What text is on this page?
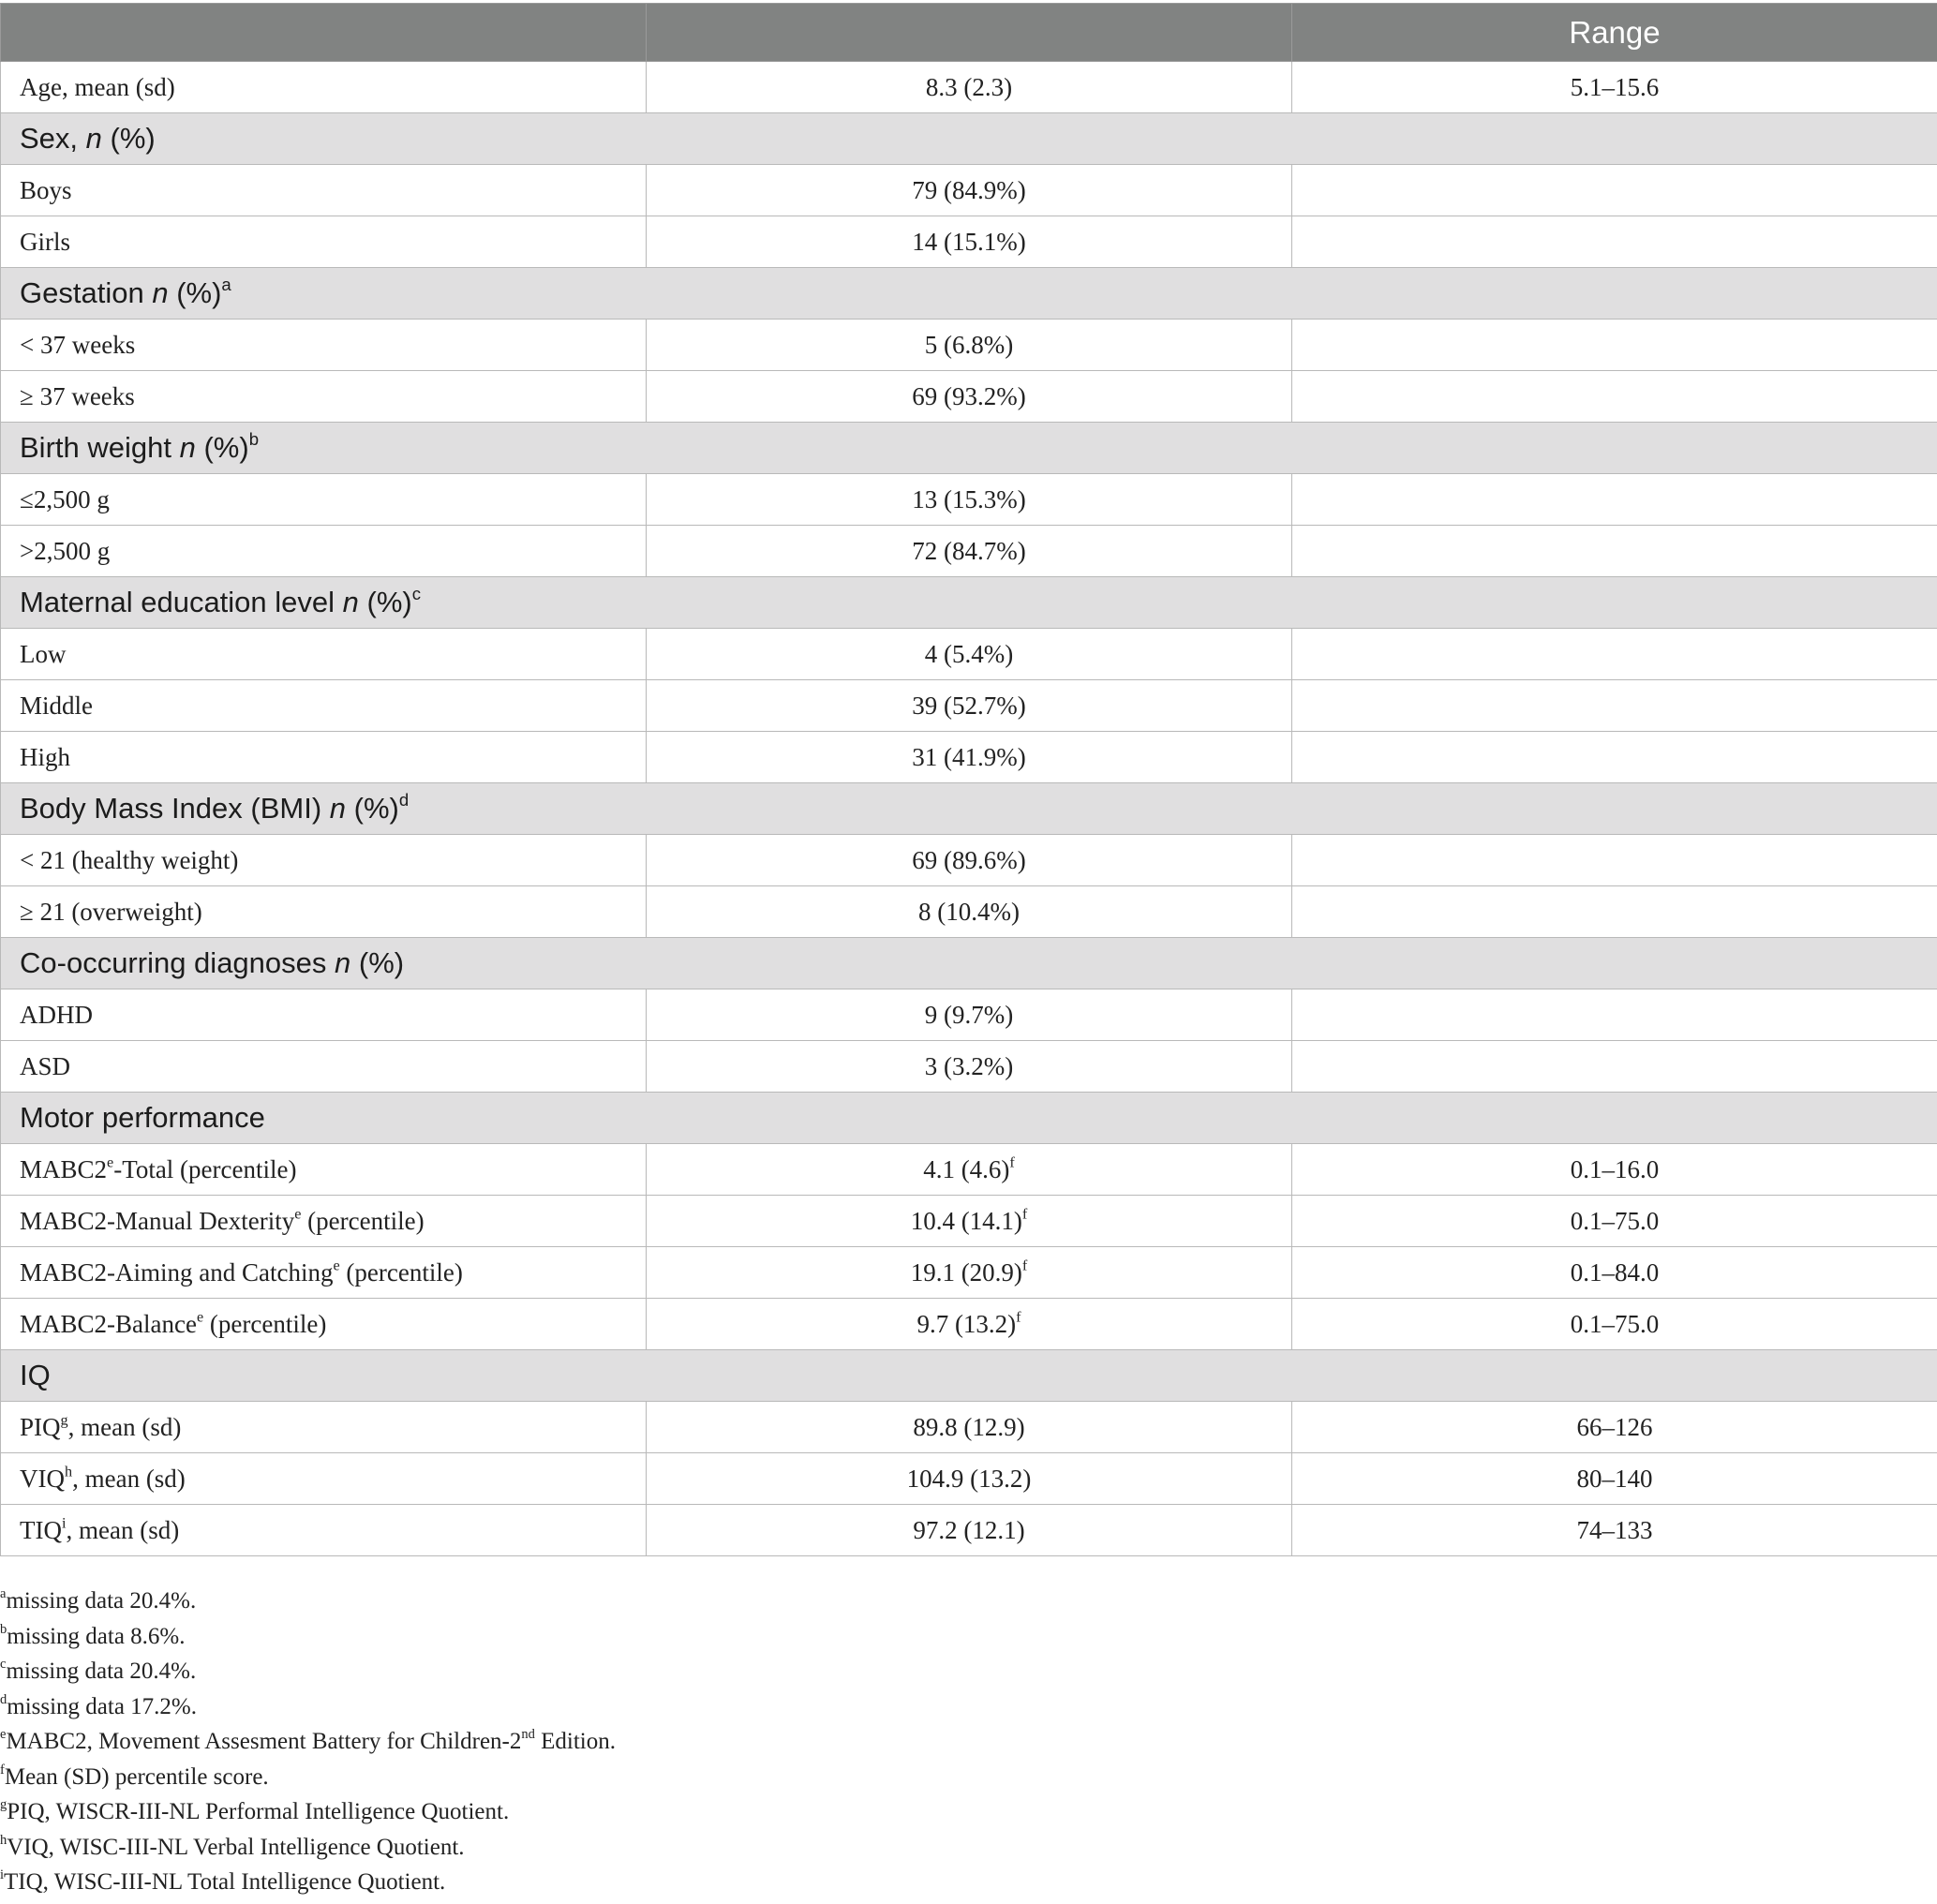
		Range
Age, mean (sd)	8.3 (2.3)	5.1–15.6
Sex, n (%)		
Boys	79 (84.9%)	
Girls	14 (15.1%)	
Gestation n (%)$^a$
< 37 weeks	5 (6.8%)	
≥ 37 weeks	69 (93.2%)	
Birth weight n (%)$^b$
≤2,500 g	13 (15.3%)	
>2,500 g	72 (84.7%)	
Maternal education level n (%)$^c$
Low	4 (5.4%)	
Middle	39 (52.7%)	
High	31 (41.9%)	
Body Mass Index (BMI) n (%)$^d$
< 21 (healthy weight)	69 (89.6%)	
≥ 21 (overweight)	8 (10.4%)	
Co-occurring diagnoses n (%)		
ADHD	9 (9.7%)	
ASD	3 (3.2%)	
Motor performance		
MABC2e-Total (percentile)	4.1 $(4.6)^f$	0.1–16.0
MABC2-Manual Dexterity$^e$ (percentile)	10.4 $(14.1)^f$	0.1–75.0
MABC2-Aiming and Catching$^e$ (percentile)	19.1 $(20.9)^f$	0.1–84.0
MABC2-Balance$^e$ (percentile)	9.7 $(13.2)^f$	0.1–75.0
IQ		
PIQ$^g$, mean (sd)	89.8 (12.9)	66–126
VIQ$^h$, mean (sd)	104.9 (13.2)	80–140
TIQ$^i$, mean (sd)	97.2 (12.1)	74–133
$^a$missing data 20.4%.
$^b$missing data 8.6%.
$^c$missing data 20.4%.
$^d$missing data 17.2%.
$^e$MABC2, Movement Assesment Battery for Children-2nd Edition.
$^f$Mean (SD) percentile score.
$^g$PIQ, WISCR-III-NL Performal Intelligence Quotient.
$^h$VIQ, WISC-III-NL Verbal Intelligence Quotient.
$^i$TIQ, WISC-III-NL Total Intelligence Quotient.
